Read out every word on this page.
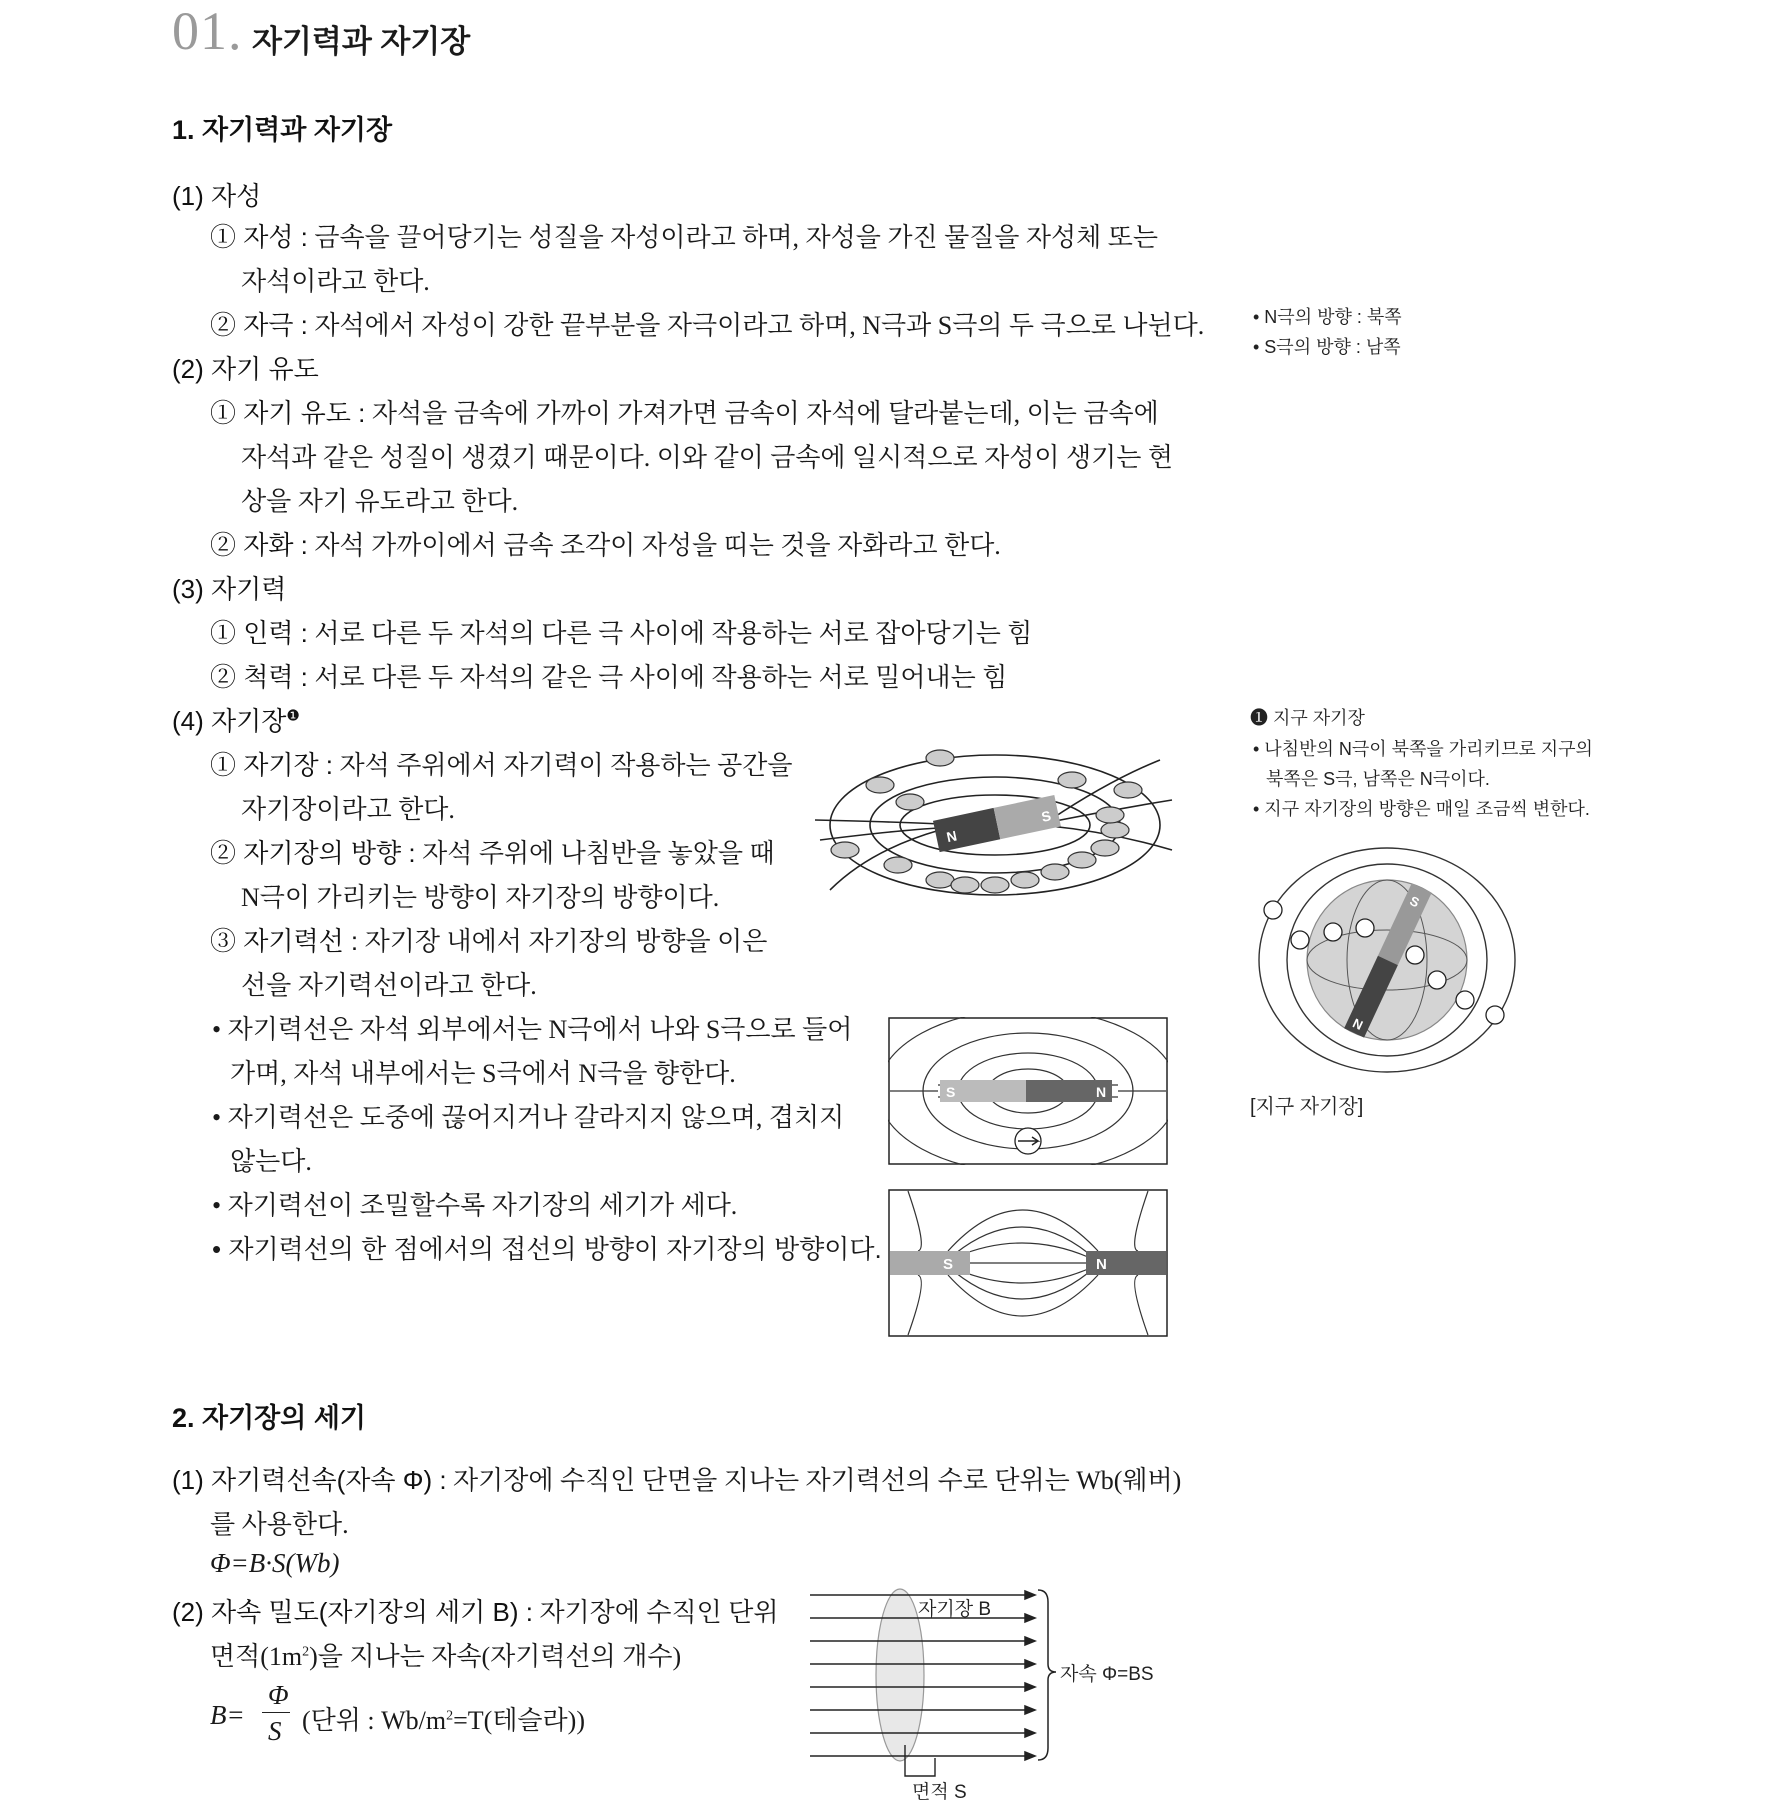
01. 자기력과 자기장
1. 자기력과 자기장
(1) 자성
① 자성 : 금속을 끌어당기는 성질을 자성이라고 하며, 자성을 가진 물질을 자성체 또는
자석이라고 한다.
② 자극 : 자석에서 자성이 강한 끝부분을 자극이라고 하며, N극과 S극의 두 극으로 나뉜다.
(2) 자기 유도
① 자기 유도 : 자석을 금속에 가까이 가져가면 금속이 자석에 달라붙는데, 이는 금속에
자석과 같은 성질이 생겼기 때문이다. 이와 같이 금속에 일시적으로 자성이 생기는 현
상을 자기 유도라고 한다.
② 자화 : 자석 가까이에서 금속 조각이 자성을 띠는 것을 자화라고 한다.
(3) 자기력
① 인력 : 서로 다른 두 자석의 다른 극 사이에 작용하는 서로 잡아당기는 힘
② 척력 : 서로 다른 두 자석의 같은 극 사이에 작용하는 서로 밀어내는 힘
(4) 자기장$^❶$
① 자기장 : 자석 주위에서 자기력이 작용하는 공간을
자기장이라고 한다.
② 자기장의 방향 : 자석 주위에 나침반을 놓았을 때
N극이 가리키는 방향이 자기장의 방향이다.
③ 자기력선 : 자기장 내에서 자기장의 방향을 이은
선을 자기력선이라고 한다.
• 자기력선은 자석 외부에서는 N극에서 나와 S극으로 들어
가며, 자석 내부에서는 S극에서 N극을 향한다.
• 자기력선은 도중에 끊어지거나 갈라지지 않으며, 겹치지
않는다.
• 자기력선이 조밀할수록 자기장의 세기가 세다.
• 자기력선의 한 점에서의 접선의 방향이 자기장의 방향이다.
N
S
S	N
S	N
2. 자기장의 세기
(1) 자기력선속(자속 Φ) : 자기장에 수직인 단면을 지나는 자기력선의 수로 단위는 Wb(웨버)
를 사용한다.
Φ=B·S(Wb)
(2) 자속 밀도(자기장의 세기 B) : 자기장에 수직인 단위
면적$(1m^2)$을 지나는 자속(자기력선의 개수)
B=
Φ
S (단위 : $Wb/m^2=T$(테슬라))
자기장 B
자속 Φ=BS
면적 S
• N극의 방향 : 북쪽
• S극의 방향 : 남쪽
❶ 지구 자기장
• 나침반의 N극이 북쪽을 가리키므로 지구의
북쪽은 S극, 남쪽은 N극이다.
• 지구 자기장의 방향은 매일 조금씩 변한다.
S
N
[지구 자기장]
